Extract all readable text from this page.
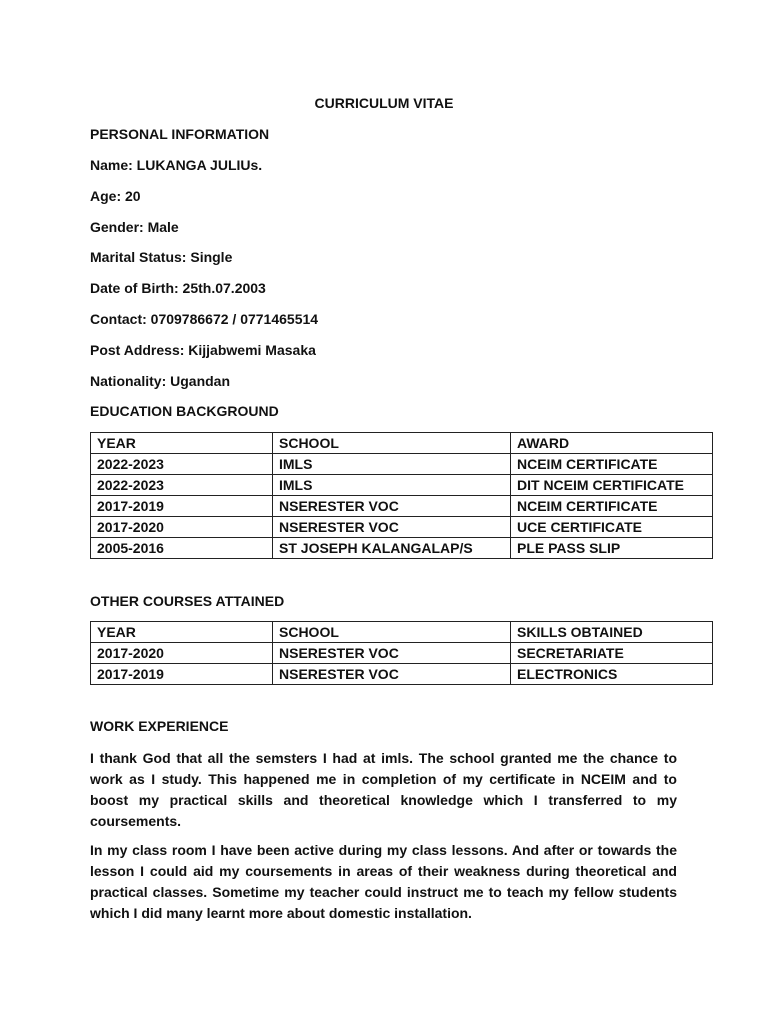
CURRICULUM VITAE

PERSONAL INFORMATION

Name: LUKANGA JULIUs.

Age: 20

Gender: Male

Marital Status: Single

Date of Birth: 25th.07.2003

Contact: 0709786672 / 0771465514

Post Address: Kijjabwemi Masaka

Nationality: Ugandan

EDUCATION BACKGROUND

YEAR	SCHOOL	AWARD
2022-2023	IMLS	NCEIM CERTIFICATE
2022-2023	IMLS	DIT NCEIM CERTIFICATE
2017-2019	NSERESTER VOC	NCEIM CERTIFICATE
2017-2020	NSERESTER VOC	UCE CERTIFICATE
2005-2016	ST JOSEPH KALANGALAP/S	PLE PASS SLIP

OTHER COURSES ATTAINED

YEAR	SCHOOL	SKILLS OBTAINED
2017-2020	NSERESTER VOC	SECRETARIATE
2017-2019	NSERESTER VOC	ELECTRONICS

WORK EXPERIENCE

I thank God that all the semsters I had at imls. The school granted me the chance to work as I study. This happened me in completion of my certificate in NCEIM and to boost my practical skills and theoretical knowledge which I transferred to my coursements.

In my class room I have been active during my class lessons. And after or towards the lesson I could aid my coursements in areas of their weakness during theoretical and practical classes. Sometime my teacher could instruct me to teach my fellow students which I did many learnt more about domestic installation.
